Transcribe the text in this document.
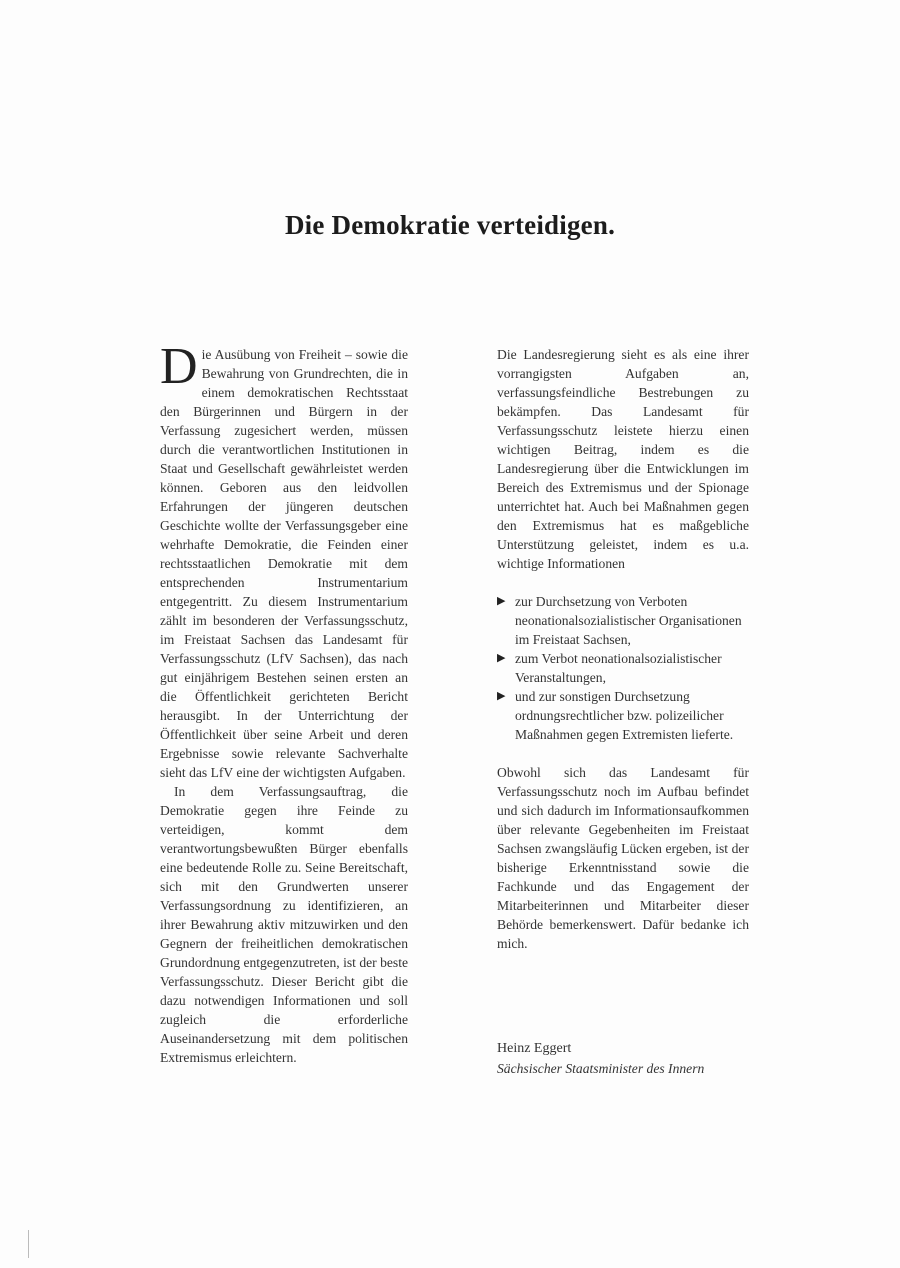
Die Demokratie verteidigen.

Die Ausübung von Freiheit – sowie die Bewahrung von Grundrechten, die in einem demokratischen Rechtsstaat den Bürgerinnen und Bürgern in der Verfassung zugesichert werden, müssen durch die verantwortlichen Institutionen in Staat und Gesellschaft gewährleistet werden können. Geboren aus den leidvollen Erfahrungen der jüngeren deutschen Geschichte wollte der Verfassungsgeber eine wehrhafte Demokratie, die Feinden einer rechtsstaatlichen Demokratie mit dem entsprechenden Instrumentarium entgegentritt. Zu diesem Instrumentarium zählt im besonderen der Verfassungsschutz, im Freistaat Sachsen das Landesamt für Verfassungsschutz (LfV Sachsen), das nach gut einjährigem Bestehen seinen ersten an die Öffentlichkeit gerichteten Bericht herausgibt. In der Unterrichtung der Öffentlichkeit über seine Arbeit und deren Ergebnisse sowie relevante Sachverhalte sieht das LfV eine der wichtigsten Aufgaben.

In dem Verfassungsauftrag, die Demokratie gegen ihre Feinde zu verteidigen, kommt dem verantwortungsbewußten Bürger ebenfalls eine bedeutende Rolle zu. Seine Bereitschaft, sich mit den Grundwerten unserer Verfassungsordnung zu identifizieren, an ihrer Bewahrung aktiv mitzuwirken und den Gegnern der freiheitlichen demokratischen Grundordnung entgegenzutreten, ist der beste Verfassungsschutz. Dieser Bericht gibt die dazu notwendigen Informationen und soll zugleich die erforderliche Auseinandersetzung mit dem politischen Extremismus erleichtern.

Die Landesregierung sieht es als eine ihrer vorrangigsten Aufgaben an, verfassungsfeindliche Bestrebungen zu bekämpfen. Das Landesamt für Verfassungsschutz leistete hierzu einen wichtigen Beitrag, indem es die Landesregierung über die Entwicklungen im Bereich des Extremismus und der Spionage unterrichtet hat. Auch bei Maßnahmen gegen den Extremismus hat es maßgebliche Unterstützung geleistet, indem es u.a. wichtige Informationen

▶ zur Durchsetzung von Verboten neonationalsozialistischer Organisationen im Freistaat Sachsen,
▶ zum Verbot neonationalsozialistischer Veranstaltungen,
▶ und zur sonstigen Durchsetzung ordnungsrechtlicher bzw. polizeilicher Maßnahmen gegen Extremisten lieferte.

Obwohl sich das Landesamt für Verfassungsschutz noch im Aufbau befindet und sich dadurch im Informationsaufkommen über relevante Gegebenheiten im Freistaat Sachsen zwangsläufig Lücken ergeben, ist der bisherige Erkenntnisstand sowie die Fachkunde und das Engagement der Mitarbeiterinnen und Mitarbeiter dieser Behörde bemerkenswert. Dafür bedanke ich mich.

Heinz Eggert
Sächsischer Staatsminister des Innern
